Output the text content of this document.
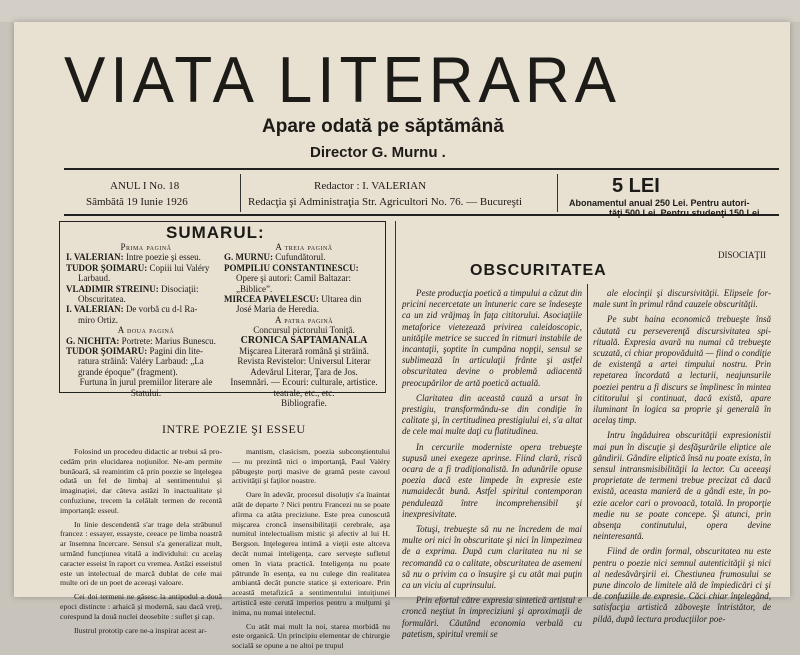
VIATA LITERARA
Apare odată pe săptămână
Director G. Murnu .
ANUL I No. 18
Sâmbătă 19 Iunie 1926
Redactor : I. VALERIAN
Redacţia şi Administraţia Str. Agricultori No. 76. — Bucureşti
5 LEI
Abonamentul anual 250 Lei. Pentru autori-
tăţi 500 Lei. Pentru studenţi 150 Lei
SUMARUL:
Prima pagină
I. VALERIAN: Intre poezie şi esseu.
TUDOR ŞOIMARU: Copiii lui Valéry
Larbaud.
VLADIMIR STREINU: Disociaţii:
Obscuritatea.
I. VALERIAN: De vorbă cu d-l Ra-
miro Ortiz.
A doua pagină
G. NICHITA: Portrete: Marius Bunescu.
TUDOR ŞOIMARU: Pagini din lite-
ratura străină: Valéry Larbaud: „La
grande époque” (fragment).
Furtuna în jurul premiilor literare ale
Statului.
A treia pagină
G. MURNU: Cufundătorul.
POMPILIU CONSTANTINESCU:
Opere şi autori: Camil Baltazar:
„Biblice”.
MIRCEA PAVELESCU: Ultarea din
José Maria de Heredia.
A patra pagină
Concursul pictorului Toniţă.
CRONICA SAPTAMANALA
Mişcarea Literară română şi străină.
Revista Revistelor: Universul Literar
Adevărul Literar, Ţara de Jos.
Insemnări. — Ecouri: culturale, artistice.
teatrale, etc., etc.
Bibliografie.
DISOCIAŢII
OBSCURITATEA

Peste producţia poetică a timpului a căzut din pricini necercetate un întuneric care se îndeseşte ca un zid vrăjmaş în faţa cititorului. Asociaţiile metaforice vietezează privirea caleidoscopic, unităţile metrice se succed în ritmuri instabile de incantaţii, şoptite în cumpăna nopţii, sensul se sublimează în articulaţii frânte şi astfel obscuritatea devine o problemă adiacentă preocupărilor de artă poetică actuală.

Claritatea din această cauză a ursat în prestigiu, transformându-se din condiţie în calitate şi, în certitudinea prestigiului ei, s'a altat de cele mai multe daţi cu flatitudinea.

In cercurile moderniste opera trebueşte supusă unei exegeze aprinse. Fiind clară, riscă ocara de a fi tradiţionalistă. In adunările opuse poezia dacă este limpede în expresie este numaidecât bună. Astfel spiritul contemporan pendulează între incomprehensibil şi inexpresivitate.

Totuşi, trebueşte să nu ne încredem de mai multe ori nici în obscuritate şi nici în limpezimea de a exprima. După cum claritatea nu ni se recomandă ca o calitate, obscuritatea de asemeni să nu o privim ca o însuşire şi cu atât mai puţin ca un viciu al cuprinsului.

Prin efortul către expresia sintetică artistul e croncă neştiut în impreciziuni şi aproximaţii de formulări. Căutând economia verbală cu patetism, spiritul vremii se

ale elocinţii şi discursivităţii. Elipsele formale sunt în primul rând cauzele obscurităţii.

Pe subt haina economică trebueşte însă căutată cu perseverenţă discursivitatea spirituală. Expresia avară nu numai că trebueşte scuzată, ci chiar propovăduită — fiind o condiţie de existenţă a artei timpului nostru. Prin repetarea încordată a lecturii, neajunsurile poeziei pentru a fi discurs se împlinesc în mintea cititorului şi continuat, dacă există, apare iluminant în logica sa proprie şi generală în acelaş timp.

Intru îngăduirea obscurităţii expresionistii mai pun în discuţie şi desfăşurările eliptice ale gândirii. Gândire eliptică însă nu poate exista, în sensul intransmisibilităţii la lector. Cu aceeaşi proprietate de termeni trebue precizat că dacă există, aceasta manieră de a gândi este, în poezie acelor cari o provoacă, totală. In proporţie medie nu se poate concepe. Şi atunci, prin absenţa continutului, opera devine neinteresantă.

Fiind de ordin formal, obscuritatea nu este pentru o poezie nici semnul autenticităţii şi nici al nedesăvârşirii ei. Chestiunea frumosului se pune dincolo de limitele ală de împiedicări ci şi de confuziile de expresie. Căci chiar înţelegând, satisfacţia artistică zăboveşte întristător, de pildă, după lectura producţiilor poe-

INTRE POEZIE ŞI ESSEU

Folosind un procedeu didactic ar trebui să procedăm prin elucidarea noţiunilor. Ne-am permite bunăoară, să reamintim că prin poezie se înţelegea odată un fel de limbaj al sentimentului şi imaginaţiei, dar câteva astăzi în inactualitate şi confuziune, trecem la celălalt termen de recentă importanţă: esseul.

In linie descendentă s'ar trage dela străbunul francez : essayer, essayste, ceeace pe limba noastră ar însemna încercare. Sensul s'a generalizat mult, urmând funcţiunea vitală a individului: cu acelaş caracter esseist în raport cu vremea. Astăzi esseistul este un intelectual de marcă dublat de cele mai multe ori de un poet de aceeaşi valoare.

Cei doi termeni ne găsesc la antipodul a două epoci distincte : arhaică şi modernă, sau dacă vreţi, corespund la două nuclei deosebite : suflet şi cap.

Ilustrul prototip care ne-a inspirat acest ar-

mantism, clasicism, poezia subconştientului — nu prezintă nici o importanţă, Paul Valéry păbugeşte porţi masive de gramă peste cavoul activităţii şi faţilor noastre.

Oare în adevăr, procesul disoluţiv s'a înaintat atât de departe ? Nici pentru Francezi nu se poate afirma ca atâta preciziune. Este prea cunoscută mişcarea croncă insensibilitaţii cerebrale, aşa numitul intelectualism mistic şi afectiv al lui H. Bergson. Inţelegerea intimă a vieţii este altceva decât numai inteligenţa, care serveşte sufletul omen în viata practică. Inteligenţa nu poate pătrunde în esenţa, ea nu culege din realitatea ambiantă decât puncte statice şi exterioare. Prin această metafizică a sentimentului intuiţiunei artistică este cerută imperios pentru a mulţumi şi inima, nu numai intelectul.

Cu atât mai mult la noi, starea morbidă nu este organică. Un principiu elementar de chirurgie socială se opune a ne altoi pe trupul
